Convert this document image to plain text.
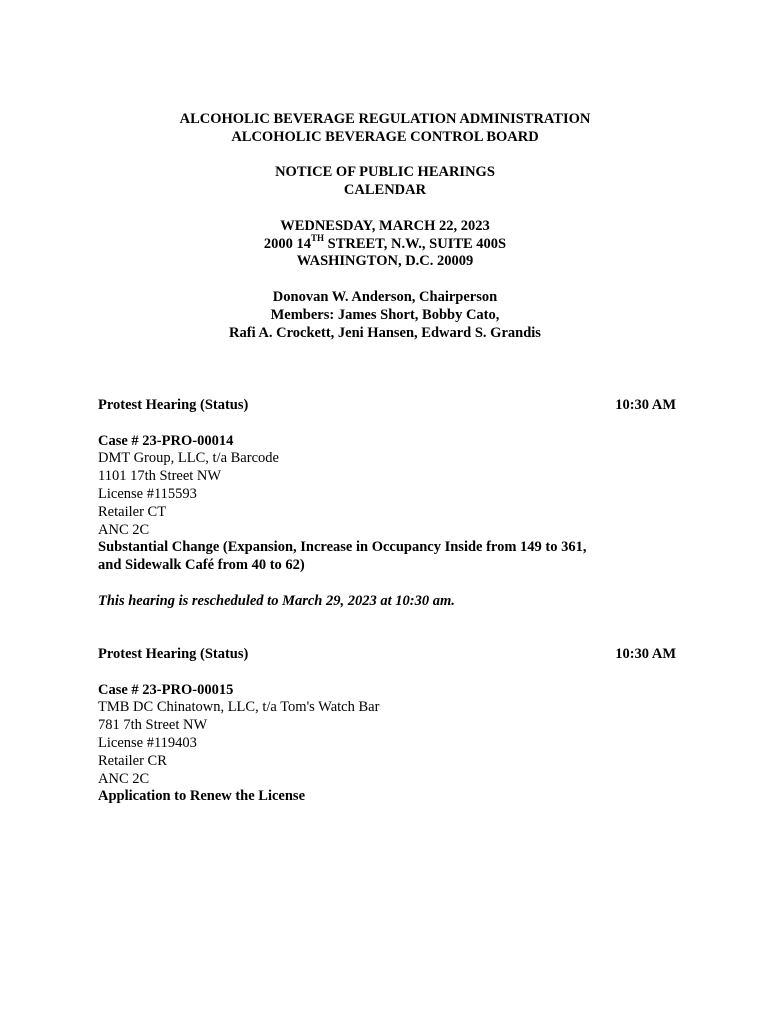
ALCOHOLIC BEVERAGE REGULATION ADMINISTRATION
ALCOHOLIC BEVERAGE CONTROL BOARD
NOTICE OF PUBLIC HEARINGS
CALENDAR
WEDNESDAY, MARCH 22, 2023
2000 14TH STREET, N.W., SUITE 400S
WASHINGTON, D.C. 20009
Donovan W. Anderson, Chairperson
Members: James Short, Bobby Cato,
Rafi A. Crockett, Jeni Hansen, Edward S. Grandis
Protest Hearing (Status)	10:30 AM
Case # 23-PRO-00014
DMT Group, LLC, t/a Barcode
1101 17th Street NW
License #115593
Retailer CT
ANC 2C
Substantial Change (Expansion, Increase in Occupancy Inside from 149 to 361, and Sidewalk Café from 40 to 62)
This hearing is rescheduled to March 29, 2023 at 10:30 am.
Protest Hearing (Status)	10:30 AM
Case # 23-PRO-00015
TMB DC Chinatown, LLC, t/a Tom's Watch Bar
781 7th Street NW
License #119403
Retailer CR
ANC 2C
Application to Renew the License
